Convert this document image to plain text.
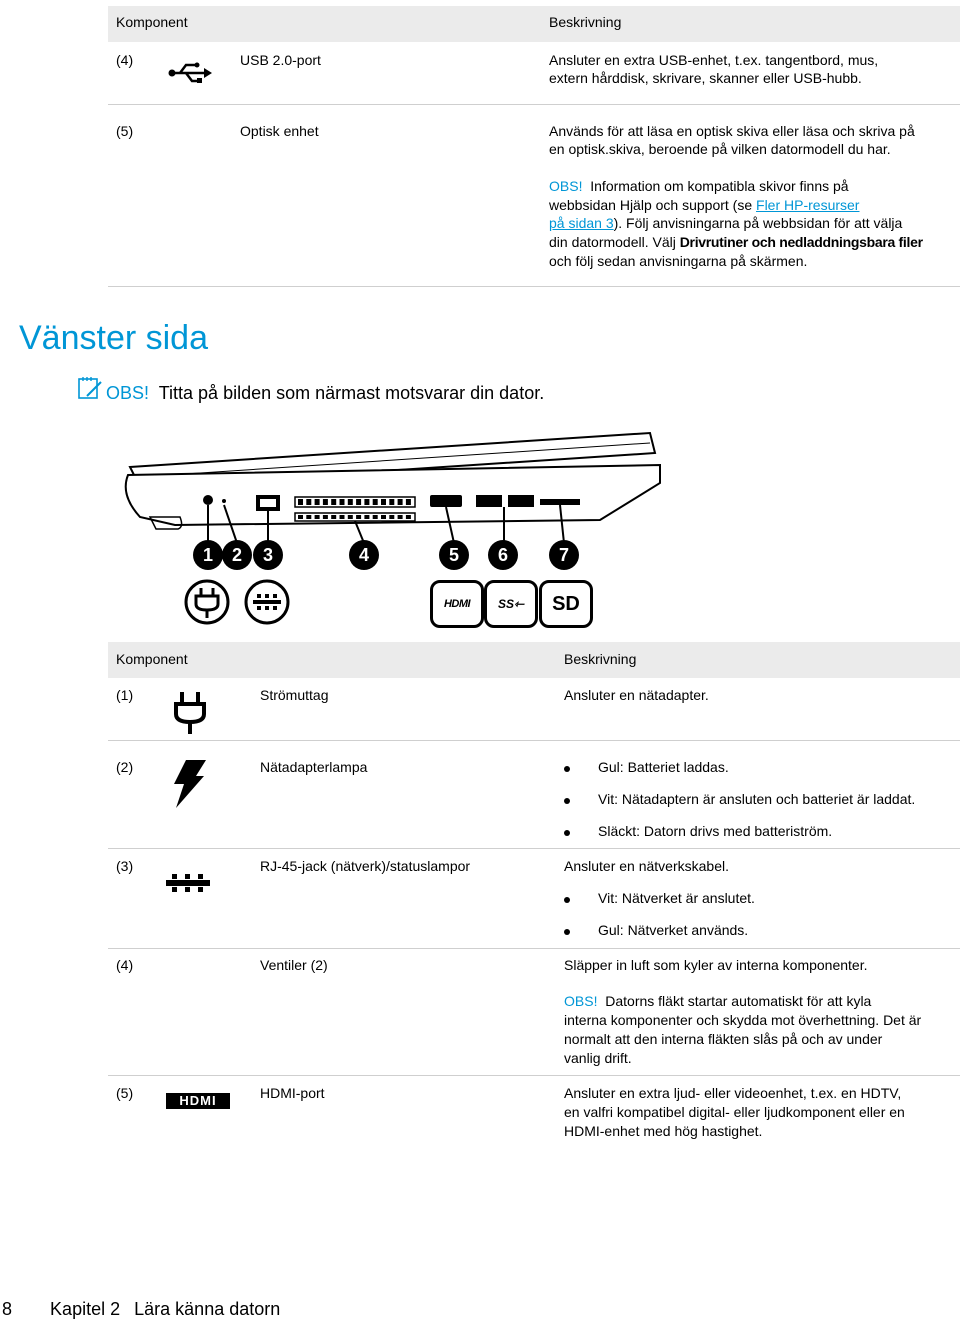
Komponent	Beskrivning
(4)	USB 2.0-port	Ansluter en extra USB-enhet, t.ex. tangentbord, mus,
extern hårddisk, skrivare, skanner eller USB-hubb.
(5)	Optisk enhet	Används för att läsa en optisk skiva eller läsa och skriva på
en optisk.skiva, beroende på vilken datormodell du har.
OBS! Information om kompatibla skivor finns på
webbsidan Hjälp och support (se Fler HP-resurser
på sidan 3). Följ anvisningarna på webbsidan för att välja
din datormodell. Välj Drivrutiner och nedladdningsbara filer
och följ sedan anvisningarna på skärmen.
Vänster sida
OBS! Titta på bilden som närmast motsvarar din dator.
1	2	3	4	5	6	7
HDMI	SS⇽	SD
Komponent	Beskrivning
(1)	Strömuttag	Ansluter en nätadapter.
(2)	Nätadapterlampa	Gul: Batteriet laddas.
Vit: Nätadaptern är ansluten och batteriet är laddat.
Släckt: Datorn drivs med batteriström.
(3)	RJ-45-jack (nätverk)/statuslampor	Ansluter en nätverkskabel.
Vit: Nätverket är anslutet.
Gul: Nätverket används.
(4)	Ventiler (2)	Släpper in luft som kyler av interna komponenter.
OBS! Datorns fläkt startar automatiskt för att kyla
interna komponenter och skydda mot överhettning. Det är
normalt att den interna fläkten slås på och av under
vanlig drift.
(5)	HDMI	HDMI-port	Ansluter en extra ljud- eller videoenhet, t.ex. en HDTV,
en valfri kompatibel digital- eller ljudkomponent eller en
HDMI-enhet med hög hastighet.
8 Kapitel 2 Lära känna datorn
